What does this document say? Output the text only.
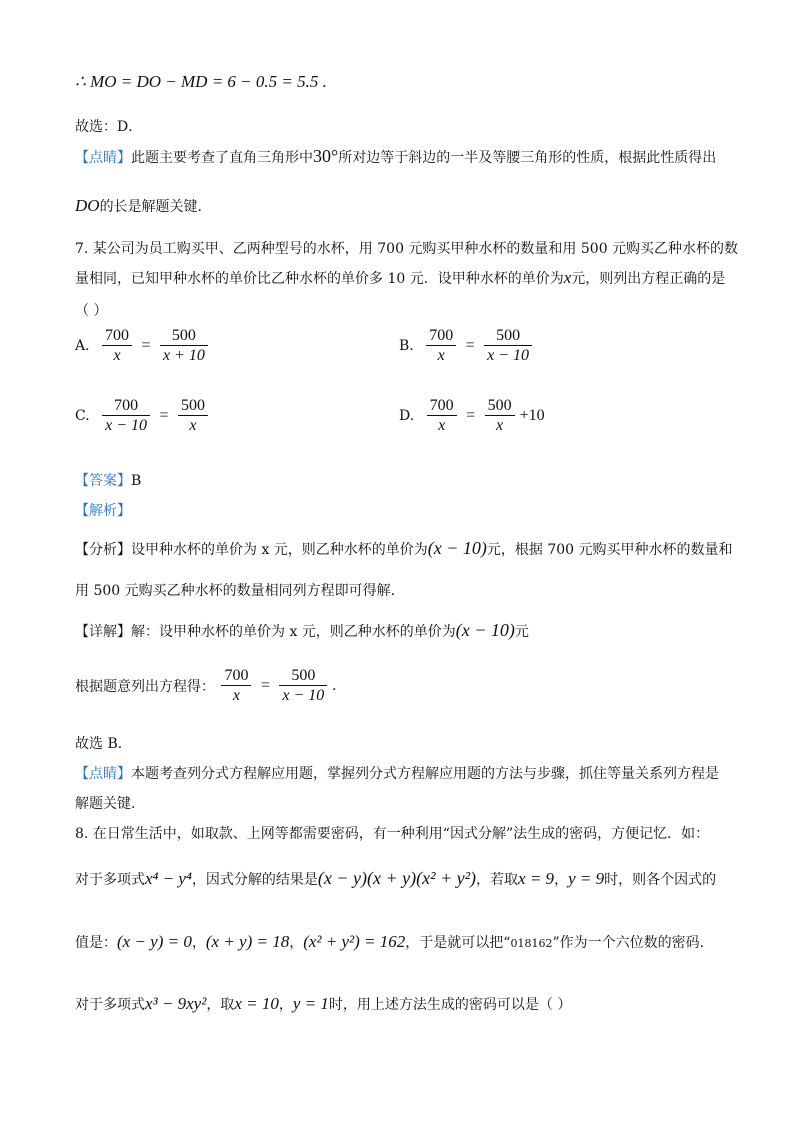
∴ MO = DO − MD = 6 − 0.5 = 5.5 .
故选：D．
【点睛】此题主要考查了直角三角形中30°所对边等于斜边的一半及等腰三角形的性质，根据此性质得出
DO的长是解题关键.
7. 某公司为员工购买甲、乙两种型号的水杯，用 700 元购买甲种水杯的数量和用 500 元购买乙种水杯的数
量相同，已知甲种水杯的单价比乙种水杯的单价多 10 元．设甲种水杯的单价为x元，则列出方程正确的是
（ ）
A. $\frac{700}{x} = \frac{500}{x + 10}$	B. $\frac{700}{x} = \frac{500}{x - 10}$
C. $\frac{700}{x - 10} = \frac{500}{x}$	D. $\frac{700}{x} = \frac{500}{x} +10$
【答案】B
【解析】
【分析】设甲种水杯的单价为 x 元，则乙种水杯的单价为(x − 10)元，根据 700 元购买甲种水杯的数量和
用 500 元购买乙种水杯的数量相同列方程即可得解.
【详解】解：设甲种水杯的单价为 x 元，则乙种水杯的单价为(x − 10)元
根据题意列出方程得： $\frac{700}{x} = \frac{500}{x - 10}$ .
故选 B．
【点睛】本题考查列分式方程解应用题，掌握列分式方程解应用题的方法与步骤，抓住等量关系列方程是
解题关键.
8. 在日常生活中，如取款、上网等都需要密码，有一种利用“因式分解”法生成的密码，方便记忆．如：
对于多项式x⁴ − y⁴，因式分解的结果是(x − y)(x + y)(x² + y²)，若取x = 9，y = 9时，则各个因式的
值是：(x − y) = 0，(x + y) = 18，(x² + y²) = 162，于是就可以把“018162”作为一个六位数的密码.
对于多项式x³ − 9xy²，取x = 10，y = 1时，用上述方法生成的密码可以是（ ）
